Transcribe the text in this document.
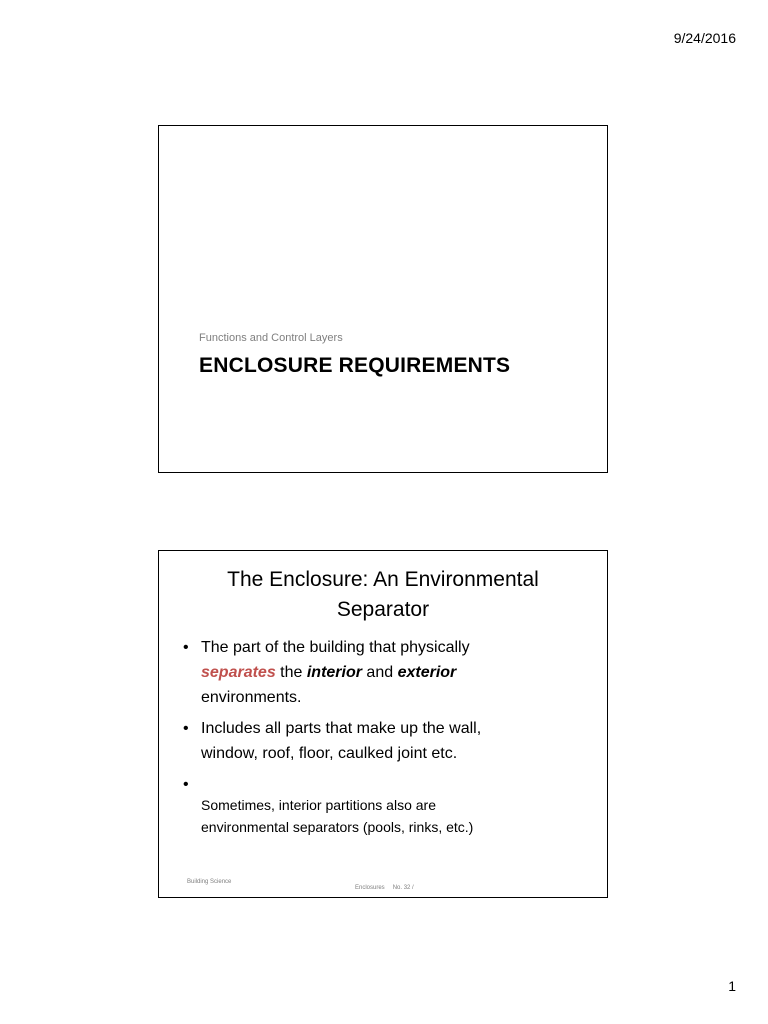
9/24/2016
Functions and Control Layers
ENCLOSURE REQUIREMENTS
The Enclosure: An Environmental
Separator
• The part of the building that physically
separates the interior and exterior
environments.
• Includes all parts that make up the wall,
window, roof, floor, caulked joint etc.
•
Sometimes, interior partitions also are
environmental separators (pools, rinks, etc.)
Building Science
Enclosures No. 32 /
1
